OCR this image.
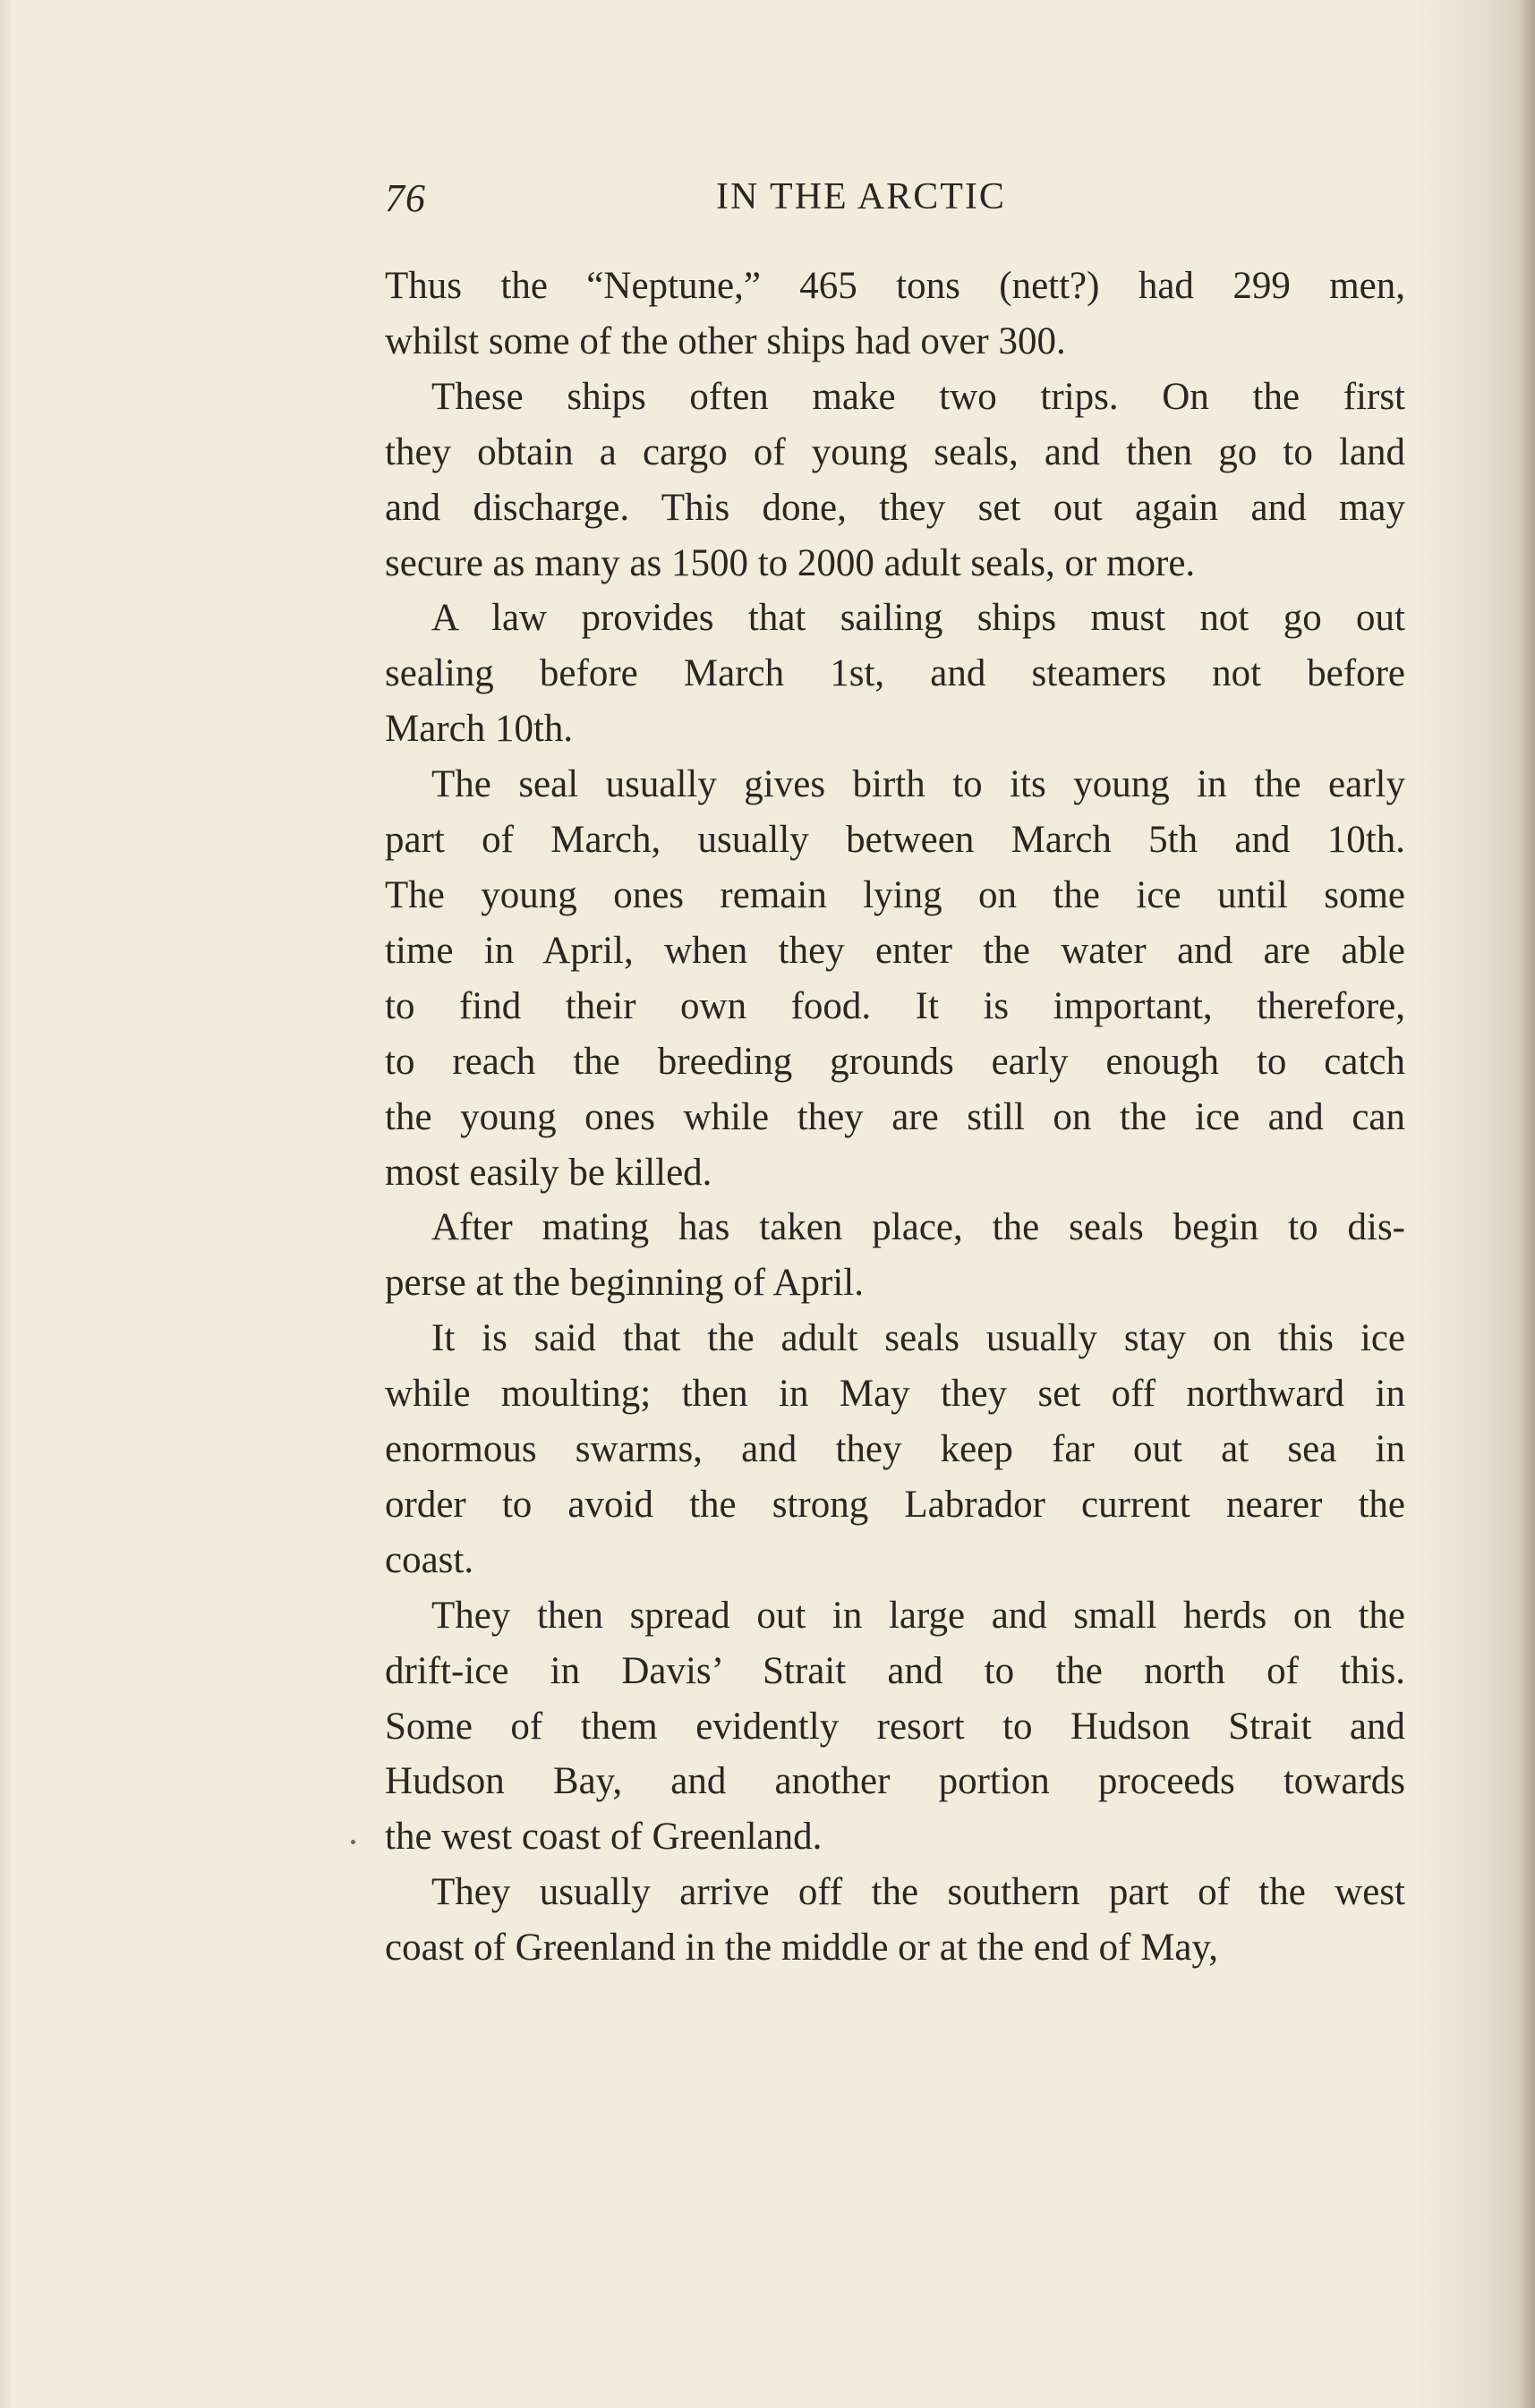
76	IN THE ARCTIC

Thus the “Neptune,” 465 tons (nett?) had 299 men,
whilst some of the other ships had over 300.

These ships often make two trips. On the first
they obtain a cargo of young seals, and then go to land
and discharge. This done, they set out again and may
secure as many as 1500 to 2000 adult seals, or more.

A law provides that sailing ships must not go out
sealing before March 1st, and steamers not before
March 10th.

The seal usually gives birth to its young in the early
part of March, usually between March 5th and 10th.
The young ones remain lying on the ice until some
time in April, when they enter the water and are able
to find their own food. It is important, therefore,
to reach the breeding grounds early enough to catch
the young ones while they are still on the ice and can
most easily be killed.

After mating has taken place, the seals begin to dis-
perse at the beginning of April.

It is said that the adult seals usually stay on this ice
while moulting; then in May they set off northward in
enormous swarms, and they keep far out at sea in
order to avoid the strong Labrador current nearer the
coast.

They then spread out in large and small herds on the
drift-ice in Davis’ Strait and to the north of this.
Some of them evidently resort to Hudson Strait and
Hudson Bay, and another portion proceeds towards
the west coast of Greenland.

They usually arrive off the southern part of the west
coast of Greenland in the middle or at the end of May,
